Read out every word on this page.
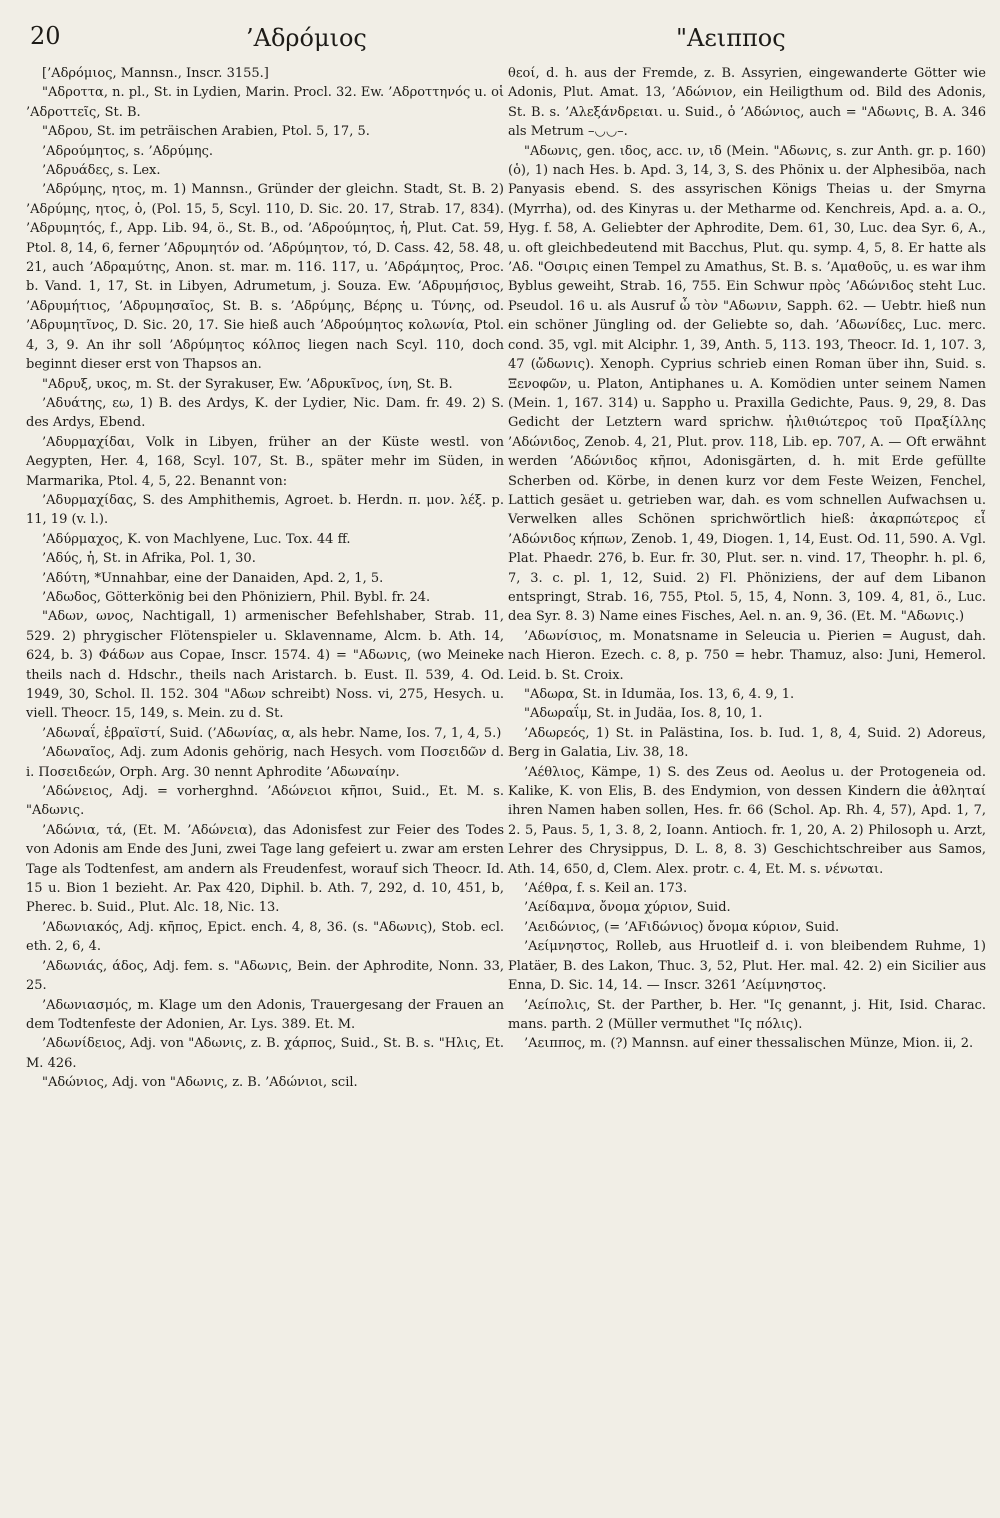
20	’Αδρόμιος	"Αειππος

[’Αδρόμιος, Mannsn., Inscr. 3155.]

"Αδροττα, n. pl., St. in Lydien, Marin. Procl. 32. Ew. ’Αδροττηνός u. οἱ ’Αδροττεῖς, St. B.

"Αδρου, St. im peträischen Arabien, Ptol. 5, 17, 5.

’Αδρούμητος, s. ’Αδρύμης.

’Αδρυάδες, s. Lex.

’Αδρύμης, ητος, m. 1) Mannsn., Gründer der gleichn. Stadt, St. B. 2) ’Αδρύμης, ητος, ὁ, (Pol. 15, 5, Scyl. 110, D. Sic. 20. 17, Strab. 17, 834). ’Αδρυμητός, f., App. Lib. 94, ö., St. B., od. ’Αδρούμητος, ἡ, Plut. Cat. 59, Ptol. 8, 14, 6, ferner ’Αδρυμητόν od. ’Αδρύμητον, τό, D. Cass. 42, 58. 48, 21, auch ’Αδραμύτης, Anon. st. mar. m. 116. 117, u. ’Αδράμητος, Proc. b. Vand. 1, 17, St. in Libyen, Adrumetum, j. Souza. Ew. ’Αδρυμήσιος, ’Αδρυμήτιος, ’Αδρυμησαῖος, St. B. s. ’Αδρύμης, Βέρης u. Τύνης, od. ’Αδρυμητῖνος, D. Sic. 20, 17. Sie hieß auch ’Αδρούμητος κολωνία, Ptol. 4, 3, 9. An ihr soll ’Αδρύμητος κόλπος liegen nach Scyl. 110, doch beginnt dieser erst von Thapsos an.

"Αδρυξ, υκος, m. St. der Syrakuser, Ew. ’Αδρυκῖνος, ίνη, St. B.

’Αδυάτης, εω, 1) B. des Ardys, K. der Lydier, Nic. Dam. fr. 49. 2) S. des Ardys, Ebend.

’Αδυρμαχίδαι, Volk in Libyen, früher an der Küste westl. von Aegypten, Her. 4, 168, Scyl. 107, St. B., später mehr im Süden, in Marmarika, Ptol. 4, 5, 22. Benannt von:

’Αδυρμαχίδας, S. des Amphithemis, Agroet. b. Herdn. π. μον. λέξ. p. 11, 19 (v. l.).

’Αδύρμαχος, K. von Machlyene, Luc. Tox. 44 ff.

’Αδύς, ἡ, St. in Afrika, Pol. 1, 30.

’Αδύτη, *Unnahbar, eine der Danaiden, Apd. 2, 1, 5.

’Αδωδος, Götterkönig bei den Phöniziern, Phil. Bybl. fr. 24.

"Αδων, ωνος, Nachtigall, 1) armenischer Befehlshaber, Strab. 11, 529. 2) phrygischer Flötenspieler u. Sklavenname, Alcm. b. Ath. 14, 624, b. 3) Φάδων aus Copae, Inscr. 1574. 4) = "Αδωνις, (wo Meineke theils nach d. Hdschr., theils nach Aristarch. b. Eust. Il. 539, 4. Od. 1949, 30, Schol. Il. 152. 304 "Αδων schreibt) Noss. vi, 275, Hesych. u. viell. Theocr. 15, 149, s. Mein. zu d. St.

’Αδωναΐ, ἑβραϊστί, Suid. (’Αδωνίας, α, als hebr. Name, Ios. 7, 1, 4, 5.)

’Αδωναῖος, Adj. zum Adonis gehörig, nach Hesych. vom Ποσειδῶν d. i. Ποσειδεών, Orph. Arg. 30 nennt Aphrodite ’Αδωναίην.

’Αδώνειος, Adj. = vorherghnd. ’Αδώνειοι κῆποι, Suid., Et. M. s. "Αδωνις.

’Αδώνια, τά, (Et. M. ’Αδώνεια), das Adonisfest zur Feier des Todes von Adonis am Ende des Juni, zwei Tage lang gefeiert u. zwar am ersten Tage als Todtenfest, am andern als Freudenfest, worauf sich Theocr. Id. 15 u. Bion 1 bezieht. Ar. Pax 420, Diphil. b. Ath. 7, 292, d. 10, 451, b, Pherec. b. Suid., Plut. Alc. 18, Nic. 13.

’Αδωνιακός, Adj. κῆπος, Epict. ench. 4, 8, 36. (s. "Αδωνις), Stob. ecl. eth. 2, 6, 4.

’Αδωνιάς, άδος, Adj. fem. s. "Αδωνις, Bein. der Aphrodite, Nonn. 33, 25.

’Αδωνιασμός, m. Klage um den Adonis, Trauergesang der Frauen an dem Todtenfeste der Adonien, Ar. Lys. 389. Et. M.

’Αδωνίδειος, Adj. von "Αδωνις, z. B. χάρπος, Suid., St. B. s. "Ηλις, Et. M. 426.

"Αδώνιος, Adj. von "Αδωνις, z. B. ’Αδώνιοι, scil.

θεοί, d. h. aus der Fremde, z. B. Assyrien, eingewanderte Götter wie Adonis, Plut. Amat. 13, ’Αδώνιον, ein Heiligthum od. Bild des Adonis, St. B. s. ’Αλεξάνδρειαι. u. Suid., ὁ ’Αδώνιος, auch = "Αδωνις, B. A. 346 als Metrum –◡◡–.

"Αδωνις, gen. ιδος, acc. ιν, ιδ (Mein. "Αδωνις, s. zur Anth. gr. p. 160) (ὁ), 1) nach Hes. b. Apd. 3, 14, 3, S. des Phönix u. der Alphesiböa, nach Panyasis ebend. S. des assyrischen Königs Theias u. der Smyrna (Myrrha), od. des Kinyras u. der Metharme od. Kenchreis, Apd. a. a. O., Hyg. f. 58, A. Geliebter der Aphrodite, Dem. 61, 30, Luc. dea Syr. 6, A., u. oft gleichbedeutend mit Bacchus, Plut. qu. symp. 4, 5, 8. Er hatte als ’Αδ. "Οσιρις einen Tempel zu Amathus, St. B. s. ’Αμαθοῦς, u. es war ihm Byblus geweiht, Strab. 16, 755. Ein Schwur πρὸς ’Αδώνιδος steht Luc. Pseudol. 16 u. als Ausruf ὦ τὸν "Αδωνιν, Sapph. 62. — Uebtr. hieß nun ein schöner Jüngling od. der Geliebte so, dah. ’Αδωνίδες, Luc. merc. cond. 35, vgl. mit Alciphr. 1, 39, Anth. 5, 113. 193, Theocr. Id. 1, 107. 3, 47 (ὤδωνις). Xenoph. Cyprius schrieb einen Roman über ihn, Suid. s. Ξενοφῶν, u. Platon, Antiphanes u. A. Komödien unter seinem Namen (Mein. 1, 167. 314) u. Sappho u. Praxilla Gedichte, Paus. 9, 29, 8. Das Gedicht der Letztern ward sprichw. ἠλιθιώτερος τοῦ Πραξίλλης ’Αδώνιδος, Zenob. 4, 21, Plut. prov. 118, Lib. ep. 707, A. — Oft erwähnt werden ’Αδώνιδος κῆποι, Adonisgärten, d. h. mit Erde gefüllte Scherben od. Körbe, in denen kurz vor dem Feste Weizen, Fenchel, Lattich gesäet u. getrieben war, dah. es vom schnellen Aufwachsen u. Verwelken alles Schönen sprichwörtlich hieß: ἀκαρπώτερος εἶ ’Αδώνιδος κήπων, Zenob. 1, 49, Diogen. 1, 14, Eust. Od. 11, 590. A. Vgl. Plat. Phaedr. 276, b. Eur. fr. 30, Plut. ser. n. vind. 17, Theophr. h. pl. 6, 7, 3. c. pl. 1, 12, Suid. 2) Fl. Phöniziens, der auf dem Libanon entspringt, Strab. 16, 755, Ptol. 5, 15, 4, Nonn. 3, 109. 4, 81, ö., Luc. dea Syr. 8. 3) Name eines Fisches, Ael. n. an. 9, 36. (Et. M. "Αδωνις.)

’Αδωνίσιος, m. Monatsname in Seleucia u. Pierien = August, dah. nach Hieron. Ezech. c. 8, p. 750 = hebr. Thamuz, also: Juni, Hemerol. Leid. b. St. Croix.

"Αδωρα, St. in Idumäa, Ios. 13, 6, 4. 9, 1.

"Αδωραΐμ, St. in Judäa, Ios. 8, 10, 1.

’Αδωρεός, 1) St. in Palästina, Ios. b. Iud. 1, 8, 4, Suid. 2) Adoreus, Berg in Galatia, Liv. 38, 18.

’Αέθλιος, Kämpe, 1) S. des Zeus od. Aeolus u. der Protogeneia od. Kalike, K. von Elis, B. des Endymion, von dessen Kindern die ἀθληταί ihren Namen haben sollen, Hes. fr. 66 (Schol. Ap. Rh. 4, 57), Apd. 1, 7, 2. 5, Paus. 5, 1, 3. 8, 2, Ioann. Antioch. fr. 1, 20, A. 2) Philosoph u. Arzt, Lehrer des Chrysippus, D. L. 8, 8. 3) Geschichtschreiber aus Samos, Ath. 14, 650, d, Clem. Alex. protr. c. 4, Et. M. s. νένωται.

’Αέθρα, f. s. Keil an. 173.

’Αείδαμνα, ὄνομα χύριον, Suid.

’Αειδώνιος, (= ’ΑFιδώνιος) ὄνομα κύριον, Suid.

’Αείμνηστος, Rolleb, aus Hruotleif d. i. von bleibendem Ruhme, 1) Platäer, B. des Lakon, Thuc. 3, 52, Plut. Her. mal. 42. 2) ein Sicilier aus Enna, D. Sic. 14, 14. — Inscr. 3261 ’Αείμνηστος.

’Αείπολις, St. der Parther, b. Her. "Ις genannt, j. Hit, Isid. Charac. mans. parth. 2 (Müller vermuthet "Ις πόλις).

’Αειππος, m. (?) Mannsn. auf einer thessalischen Münze, Mion. ii, 2.
